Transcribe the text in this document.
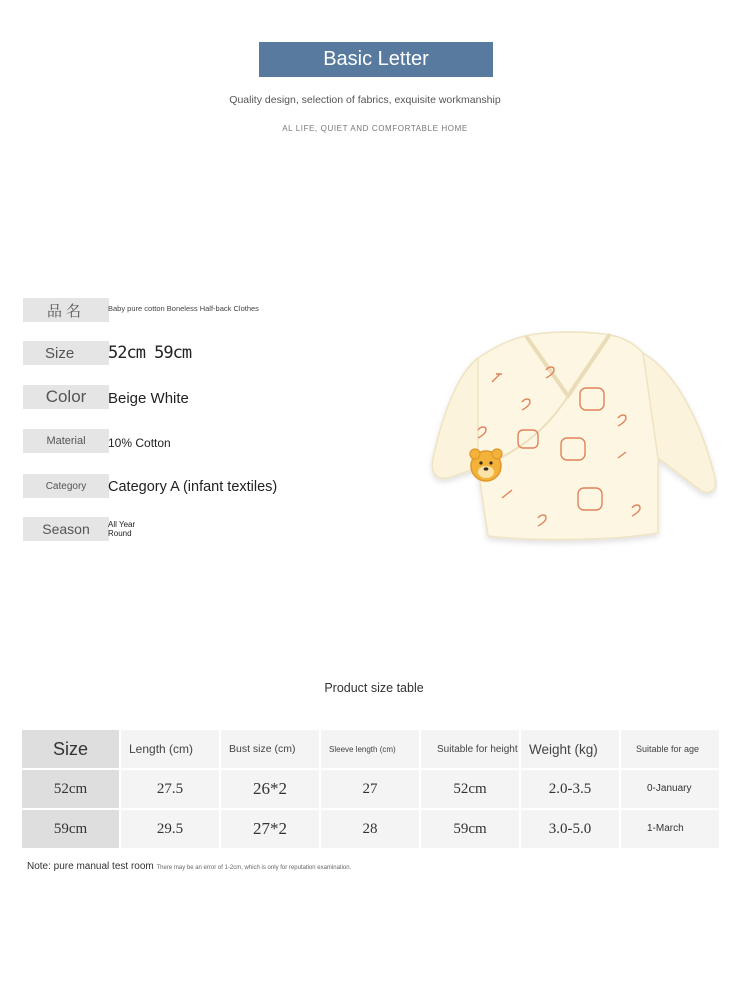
Basic Letter
Quality design, selection of fabrics, exquisite workmanship
AL LIFE, QUIET AND COMFORTABLE HOME
品名	Baby pure cotton Boneless Half-back Clothes
Size	52cm 59cm
Color	Beige White
Material	10% Cotton
Category	Category A (infant textiles)
Season	All Year
Round
Product size table
Size	Length (cm)	Bust size (cm)	Sleeve length (cm)	Suitable for height	Weight (kg)	Suitable for age
52cm	27.5	26*2	27	52cm	2.0-3.5	0-January
59cm	29.5	27*2	28	59cm	3.0-5.0	1-March
Note: pure manual test room There may be an error of 1-2cm, which is only for reputation examination.
